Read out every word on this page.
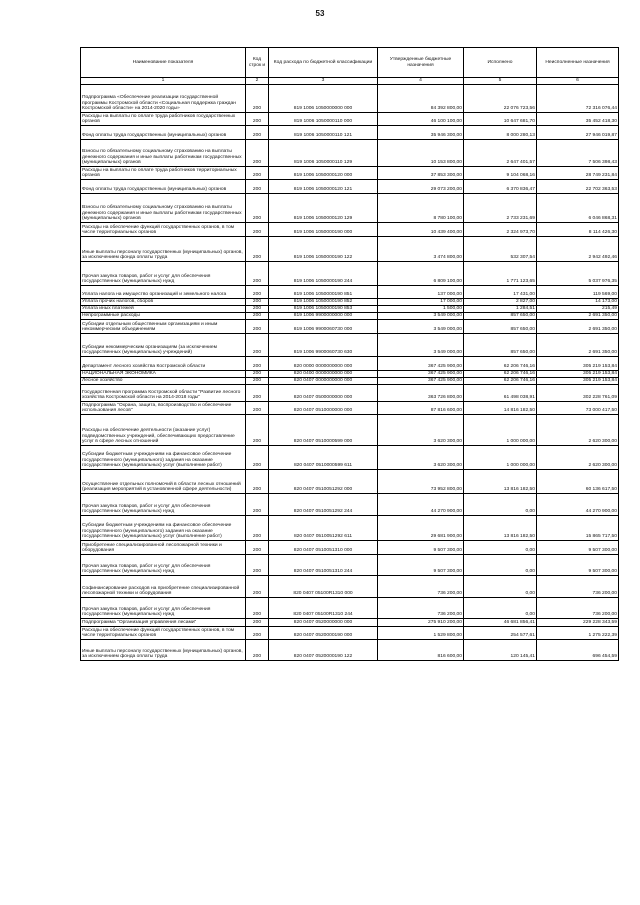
53
Наименование показателя	Код строк и	Код расхода по бюджетной классификации	Утвержденные бюджетные назначения	Исполнено	Неисполненные назначения
1	2	3	4	5	6
Подпрограмма «Обеспечение реализации государственной программы Костромской области «Социальная поддержка граждан Костромской области» на 2014-2020 годы»	200	819 1006 1050000000 000	84 392 800,00	22 076 723,56	72 316 076,44
Расходы на выплаты по оплате труда работников государственных органов	200	819 1006 1050000110 000	46 100 100,00	10 647 681,70	35 452 418,30
Фонд оплаты труда государственных (муниципальных) органов	200	819 1006 1050000110 121	35 946 300,00	8 000 280,13	27 946 019,87
Взносы по обязательному социальному страхованию на выплаты денежного содержания и иные выплаты работникам государственных (муниципальных) органов	200	819 1006 1050000110 129	10 153 800,00	2 647 401,57	7 506 398,43
Расходы на выплаты по оплате труда работников территориальных органов	200	819 1006 1050000120 000	37 853 300,00	9 104 068,16	28 749 231,84
Фонд оплаты труда государственных (муниципальных) органов	200	819 1006 1050000120 121	29 073 200,00	6 370 836,47	22 702 363,53
Взносы по обязательному социальному страхованию на выплаты денежного содержания и иные выплаты работникам государственных (муниципальных) органов	200	819 1006 1050000120 129	8 780 100,00	2 733 231,69	6 046 868,31
Расходы на обеспечение функций государственных органов, в том числе территориальных органов	200	819 1006 1050000190 000	10 439 400,00	2 324 973,70	8 114 426,30
Иные выплаты персоналу государственных (муниципальных) органов, за исключением фонда оплаты труда	200	819 1006 1050000190 122	3 474 800,00	532 307,54	2 942 492,46
Прочая закупка товаров, работ и услуг для обеспечения государственных (муниципальных) нужд	200	819 1006 1050000190 244	6 809 100,00	1 771 123,65	5 037 976,35
Уплата налога на имущество организаций и земельного налога	200	819 1006 1050000190 851	137 000,00	17 431,00	119 569,00
Уплата прочих налогов, сборов	200	819 1006 1050000190 852	17 000,00	2 827,00	14 173,00
Уплата иных платежей	200	819 1006 1050000190 853	1 500,00	1 284,51	215,49
Непрограммные расходы	200	819 1006 9900000000 000	3 549 000,00	857 650,00	2 691 350,00
Субсидии отдельным общественным организациям и иным некоммерческим объединениям	200	819 1006 9900060730 000	3 549 000,00	857 650,00	2 691 350,00
Субсидии некоммерческим организациям (за исключением государственных (муниципальных) учреждений)	200	819 1006 9900060730 630	3 549 000,00	857 650,00	2 691 350,00
Департамент лесного хозяйства Костромской области	200	820 0000 0000000000 000	367 425 900,00	62 206 746,16	305 219 153,84
НАЦИОНАЛЬНАЯ ЭКОНОМИКА	200	820 0400 0000000000 000	367 425 900,00	62 206 746,16	305 219 153,84
Лесное хозяйство	200	820 0407 0000000000 000	367 425 900,00	62 206 746,16	305 219 153,84
Государственная программа Костромской области "Развитие лесного хозяйства Костромской области на 2014-2018 годы"	200	820 0407 0500000000 000	363 726 800,00	61 498 038,91	302 228 761,09
Подпрограмма "Охрана, защита, воспроизводство и обеспечение использования лесов"	200	820 0407 0510000000 000	87 816 600,00	14 816 182,50	73 000 417,50
Расходы на обеспечение деятельности (оказание услуг) подведомственных учреждений, обеспечивающих предоставление услуг в сфере лесных отношений	200	820 0407 0510000599 000	3 620 300,00	1 000 000,00	2 620 300,00
Субсидии бюджетным учреждениям на финансовое обеспечение государственного (муниципального) задания на оказание государственных (муниципальных) услуг (выполнение работ)	200	820 0407 0510000599 611	3 620 300,00	1 000 000,00	2 620 300,00
Осуществление отдельных полномочий в области лесных отношений (реализация мероприятий в установленной сфере деятельности)	200	820 0407 0510051292 000	73 952 800,00	13 816 182,50	60 136 617,50
Прочая закупка товаров, работ и услуг для обеспечения государственных (муниципальных) нужд	200	820 0407 0510051292 244	44 270 900,00	0,00	44 270 900,00
Субсидии бюджетным учреждениям на финансовое обеспечение государственного (муниципального) задания на оказание государственных (муниципальных) услуг (выполнение работ)	200	820 0407 0510051292 611	29 681 900,00	13 816 182,50	15 865 717,50
Приобретение специализированной лесопожарной техники и оборудования	200	820 0407 0510051310 000	9 507 300,00	0,00	9 507 300,00
Прочая закупка товаров, работ и услуг для обеспечения государственных (муниципальных) нужд	200	820 0407 0510051310 244	9 507 300,00	0,00	9 507 300,00
Софинансирование расходов на приобретение специализированной лесопожарной техники и оборудования	200	820 0407 05100R1310 000	736 200,00	0,00	736 200,00
Прочая закупка товаров, работ и услуг для обеспечения государственных (муниципальных) нужд	200	820 0407 05100R1310 244	736 200,00	0,00	736 200,00
Подпрограмма "Организация управления лесами"	200	820 0407 0520000000 000	275 910 200,00	46 681 856,41	229 228 343,59
Расходы на обеспечение функций государственных органов, в том числе территориальных органов	200	820 0407 0520000190 000	1 529 800,00	254 577,61	1 275 222,39
Иные выплаты персоналу государственных (муниципальных) органов, за исключением фонда оплаты труда	200	820 0407 0520000190 122	816 600,00	120 145,41	696 454,59
